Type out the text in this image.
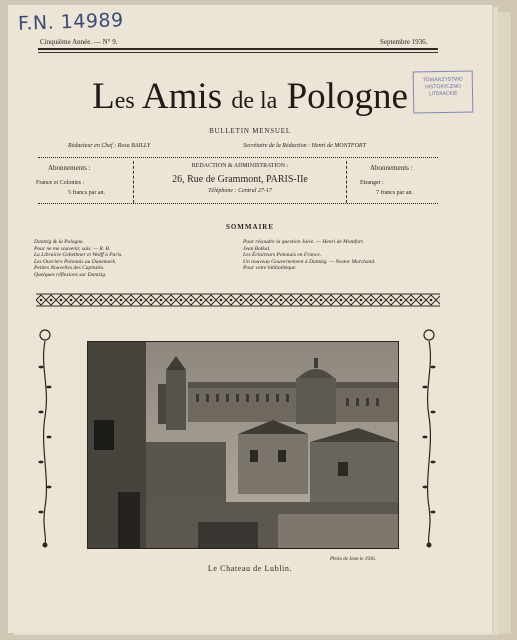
F.N. 14989
Cinquième Année. — N° 9.	Septembre 1936.
Les Amis de la Pologne	TOWARZYSTWO
HISTORYCZNO
LITERACKIE
BULLETIN MENSUEL
Rédacteur en Chef : Rosa BAILLY	Secrétaire de la Rédaction : Henri de MONTFORT
Abonnements :
France et Colonies :
5 francs par an.
REDACTION & ADMINISTRATION :
26, Rue de Grammont, PARIS-IIe
Téléphone : Central 27-17
Abonnements :
Etranger :
7 francs par an.
SOMMAIRE
Dantzig & la Pologne.
Pour ne me souvenir, sais. — R. B.
La Librairie Gebethner et Wolff à Paris.
Les Ouvriers Polonais au Danemark.
Petites Nouvelles des Capitales.
Quelques réflexions sur Dantzig.
Pour résoudre la question Juive. — Henri de Montfort.
Jean Balkal.
Les Éclaireurs Polonais en France.
Un nouveau Gouvernement à Dantzig. — Nestor Marchand.
Pour votre bibliothèque.
Photo de Jean le 1936.
Le Chateau de Lublin.
